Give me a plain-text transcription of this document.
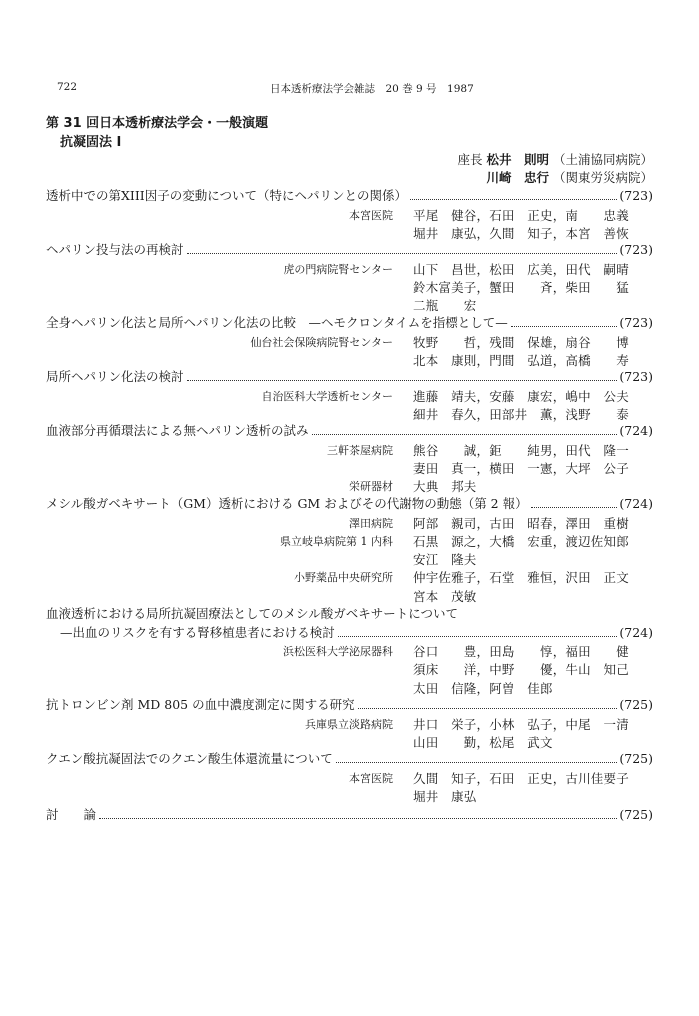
722	日本透析療法学会雑誌　20 巻 9 号　1987
第 31 回日本透析療法学会・一般演題
抗凝固法 I
座長 松井　則明 （土浦協同病院）
川崎　忠行 （関東労災病院）
透析中での第XIII因子の変動について（特にヘパリンとの関係）	(723)
本宮医院 平尾　健谷，石田　正史，南　　忠義
堀井　康弘，久間　知子，本宮　善恢
ヘパリン投与法の再検討	(723)
虎の門病院腎センター 山下　昌世，松田　広美，田代　嗣晴
鈴木富美子，蟹田　　斉，柴田　　猛
二瓶　　宏
全身ヘパリン化法と局所ヘパリン化法の比較　—ヘモクロンタイムを指標として—	(723)
仙台社会保険病院腎センター 牧野　　哲，残間　保雄，扇谷　　博
北本　康則，門間　弘道，高橋　　寿
局所ヘパリン化法の検討	(723)
自治医科大学透析センター 進藤　靖夫，安藤　康宏，嶋中　公夫
細井　春久，田部井　薫，浅野　　泰
血液部分再循環法による無ヘパリン透析の試み	(724)
三軒茶屋病院 熊谷　　誠，鉅　　純男，田代　隆一
妻田　真一，横田　一憲，大坪　公子
栄研器材 大典　邦夫
メシル酸ガベキサート（GM）透析における GM およびその代謝物の動態（第 2 報）	(724)
澤田病院 阿部　親司，古田　昭春，澤田　重樹
県立岐阜病院第 1 内科 石黒　源之，大橋　宏重，渡辺佐知郎
安江　隆夫
小野薬品中央研究所 仲宇佐雅子，石堂　雅恒，沢田　正文
宮本　茂敏
血液透析における局所抗凝固療法としてのメシル酸ガベキサートについて
—出血のリスクを有する腎移植患者における検討	(724)
浜松医科大学泌尿器科 谷口　　豊，田島　　惇，福田　　健
須床　　洋，中野　　優，牛山　知己
太田　信隆，阿曽　佳郎
抗トロンビン剤 MD 805 の血中濃度測定に関する研究	(725)
兵庫県立淡路病院 井口　栄子，小林　弘子，中尾　一清
山田　　勤，松尾　武文
クエン酸抗凝固法でのクエン酸生体還流量について	(725)
本宮医院 久間　知子，石田　正史，古川佳要子
堀井　康弘
討　　論	(725)
